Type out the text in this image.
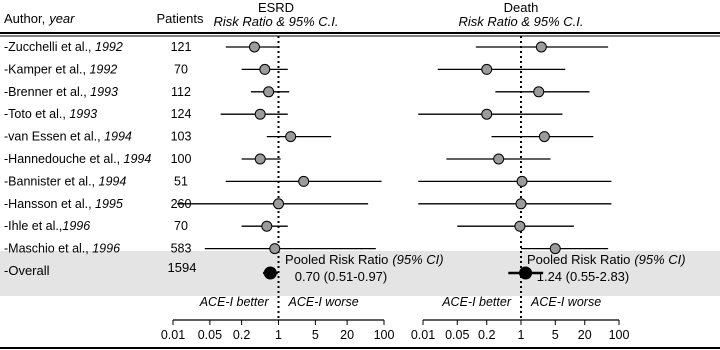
Author, year	Patients
ESRD
Risk Ratio & 95% C.I.
Death
Risk Ratio & 95% C.I.
-Zucchelli et al., 1992	121
-Kamper et al., 1992	70
-Brenner et al., 1993	112
-Toto et al., 1993	124
-van Essen et al., 1994	103
-Hannedouche et al., 1994 100
-Bannister et al., 1994	51
-Hansson et al., 1995	260
-Ihle et al.,1996	70
-Maschio et al., 1996	583
0.01 0.05 0.2 1 5 20 100
ACE-I better ACE-I worse
0.01 0.05 0.2 1 5 20 100
ACE-I better ACE-I worse
-Overall	1594
Pooled Risk Ratio (95% CI)
0.70 (0.51-0.97)
Pooled Risk Ratio (95% CI)
1.24 (0.55-2.83)
